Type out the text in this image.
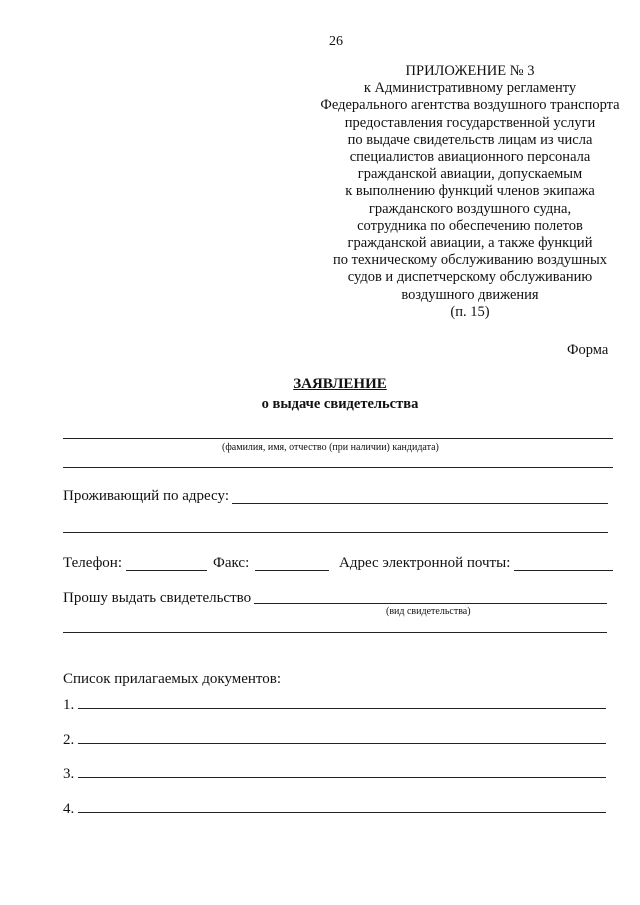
26
ПРИЛОЖЕНИЕ № 3
к Административному регламенту
Федерального агентства воздушного транспорта
предоставления государственной услуги
по выдаче свидетельств лицам из числа
специалистов авиационного персонала
гражданской авиации, допускаемым
к выполнению функций членов экипажа
гражданского воздушного судна,
сотрудника по обеспечению полетов
гражданской авиации, а также функций
по техническому обслуживанию воздушных
судов и диспетчерскому обслуживанию
воздушного движения
(п. 15)
Форма
ЗАЯВЛЕНИЕ
о выдаче свидетельства
(фамилия, имя, отчество (при наличии) кандидата)
Проживающий по адресу:
Телефон:	Факс:	Адрес электронной почты:
Прошу выдать свидетельство
(вид свидетельства)
Список прилагаемых документов:
1.
2.
3.
4.
